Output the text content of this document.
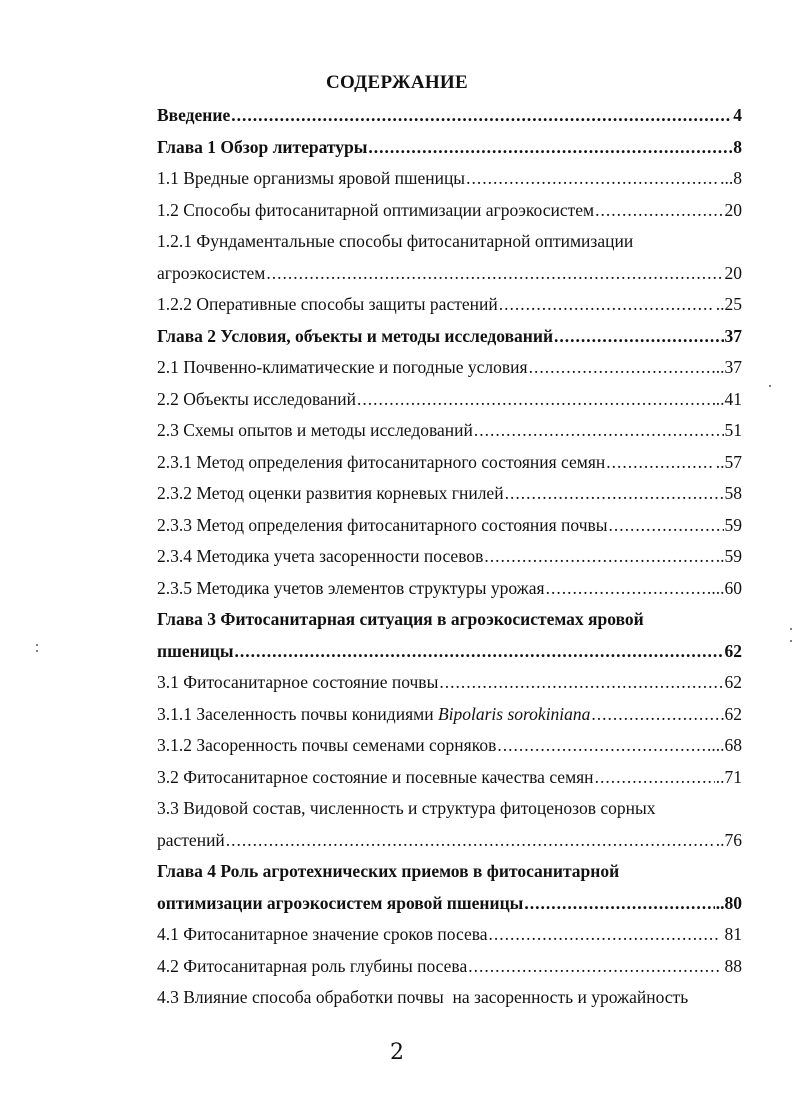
СОДЕРЖАНИЕ
Введение .....	4
Глава 1 Обзор литературы .....	8
1.1 Вредные организмы яровой пшеницы .....	...8
1.2 Способы фитосанитарной оптимизации агроэкосистем .....	20
1.2.1 Фундаментальные способы фитосанитарной оптимизации
агроэкосистем .....	20
1.2.2 Оперативные способы защиты растений .....	..25
Глава 2 Условия, объекты и методы исследований .....	37
2.1 Почвенно-климатические и погодные условия .....	...37
2.2 Объекты исследований .....	..41
2.3 Схемы опытов и методы исследований .....	51
2.3.1 Метод определения фитосанитарного состояния семян .....	..57
2.3.2 Метод оценки развития корневых гнилей .....	58
2.3.3 Метод определения фитосанитарного состояния почвы .....	59
2.3.4 Методика учета засоренности посевов .....	..59
2.3.5 Методика учетов элементов структуры урожая .....	...60
Глава 3 Фитосанитарная ситуация в агроэкосистемах яровой
пшеницы .....	62
3.1 Фитосанитарное состояние почвы .....	62
3.1.1 Заселенность почвы конидиями Bipolaris sorokiniana .....	62
3.1.2 Засоренность почвы семенами сорняков .....	....68
3.2 Фитосанитарное состояние и посевные качества семян .....	..71
3.3 Видовой состав, численность и структура фитоценозов сорных
растений .....	..76
Глава 4 Роль агротехнических приемов в фитосанитарной
оптимизации агроэкосистем яровой пшеницы .....	..80
4.1 Фитосанитарное значение сроков посева .....	81
4.2 Фитосанитарная роль глубины посева .....	88
4.3 Влияние способа обработки почвы  на засоренность и урожайность
2
